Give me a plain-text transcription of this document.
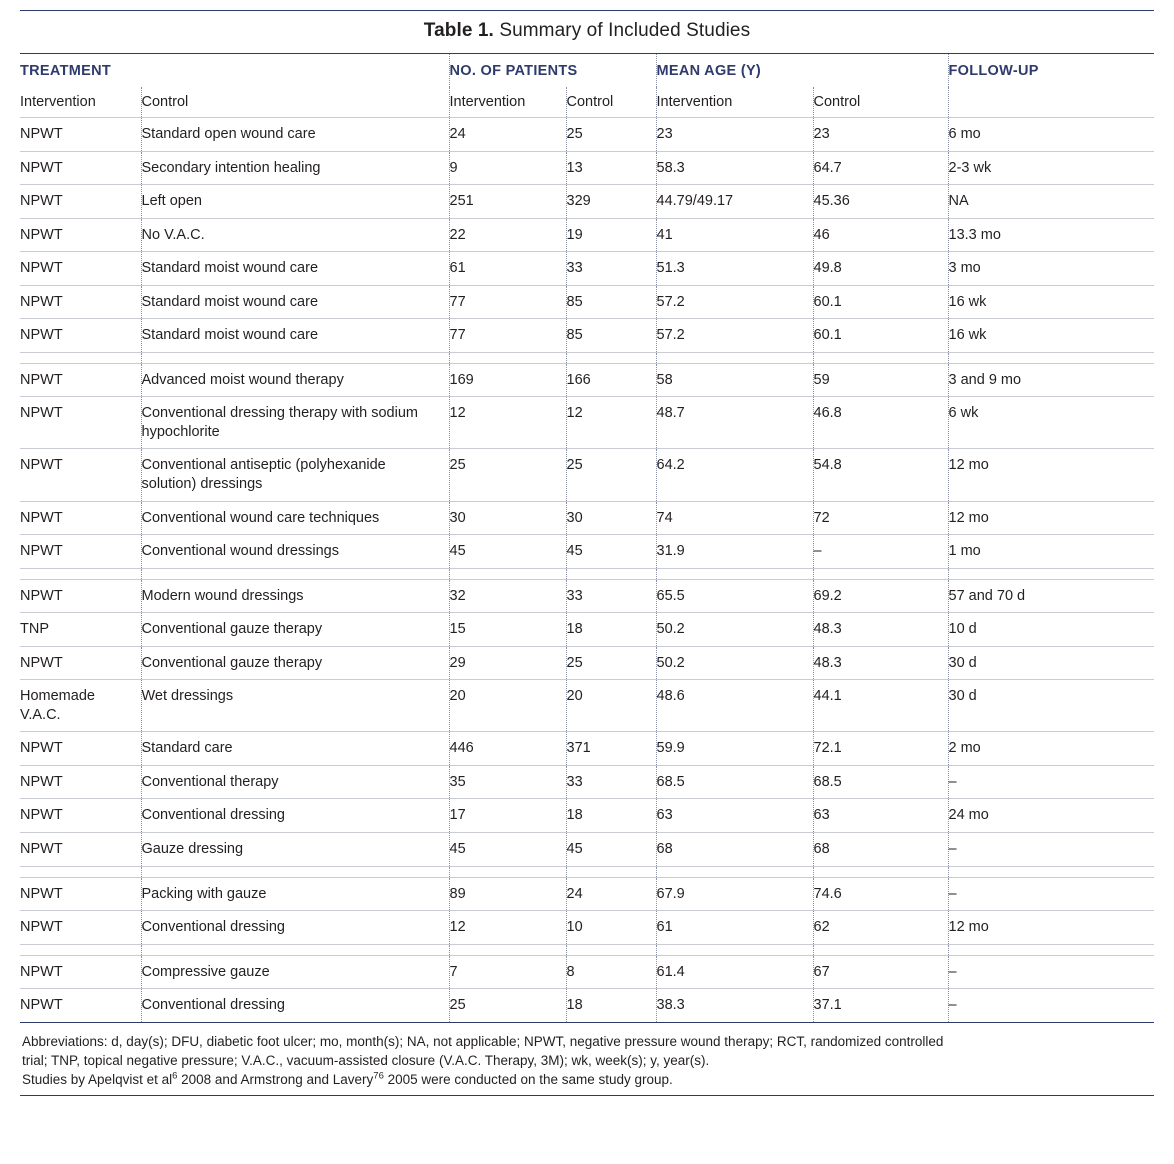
Table 1. Summary of Included Studies
TREATMENT		NO. OF PATIENTS		MEAN AGE (Y)		FOLLOW-UP
Intervention	Control	Intervention	Control	Intervention	Control	

NPWT	Standard open wound care	24	25	23	23	6 mo

NPWT	Secondary intention healing	9	13	58.3	64.7	2-3 wk

NPWT	Left open	251	329	44.79/49.17	45.36	NA

NPWT	No V.A.C.	22	19	41	46	13.3 mo

NPWT	Standard moist wound care	61	33	51.3	49.8	3 mo

NPWT	Standard moist wound care	77	85	57.2	60.1	16 wk

NPWT	Standard moist wound care	77	85	57.2	60.1	16 wk

NPWT	Advanced moist wound therapy	169	166	58	59	3 and 9 mo

NPWT	Conventional dressing therapy with sodium hypochlorite	12	12	48.7	46.8	6 wk

NPWT	Conventional antiseptic (polyhexanide solution) dressings	25	25	64.2	54.8	12 mo

NPWT	Conventional wound care techniques	30	30	74	72	12 mo

NPWT	Conventional wound dressings	45	45	31.9	–	1 mo

NPWT	Modern wound dressings	32	33	65.5	69.2	57 and 70 d

TNP	Conventional gauze therapy	15	18	50.2	48.3	10 d

NPWT	Conventional gauze therapy	29	25	50.2	48.3	30 d

Homemade V.A.C.	Wet dressings	20	20	48.6	44.1	30 d

NPWT	Standard care	446	371	59.9	72.1	2 mo

NPWT	Conventional therapy	35	33	68.5	68.5	–

NPWT	Conventional dressing	17	18	63	63	24 mo

NPWT	Gauze dressing	45	45	68	68	–

NPWT	Packing with gauze	89	24	67.9	74.6	–

NPWT	Conventional dressing	12	10	61	62	12 mo

NPWT	Compressive gauze	7	8	61.4	67	–

NPWT	Conventional dressing	25	18	38.3	37.1	–
Abbreviations: d, day(s); DFU, diabetic foot ulcer; mo, month(s); NA, not applicable; NPWT, negative pressure wound therapy; RCT, randomized controlled
trial; TNP, topical negative pressure; V.A.C., vacuum-assisted closure (V.A.C. Therapy, 3M); wk, week(s); y, year(s).
Studies by Apelqvist et $al^6$ 2008 and Armstrong and Lavery$^{76}$ 2005 were conducted on the same study group.
